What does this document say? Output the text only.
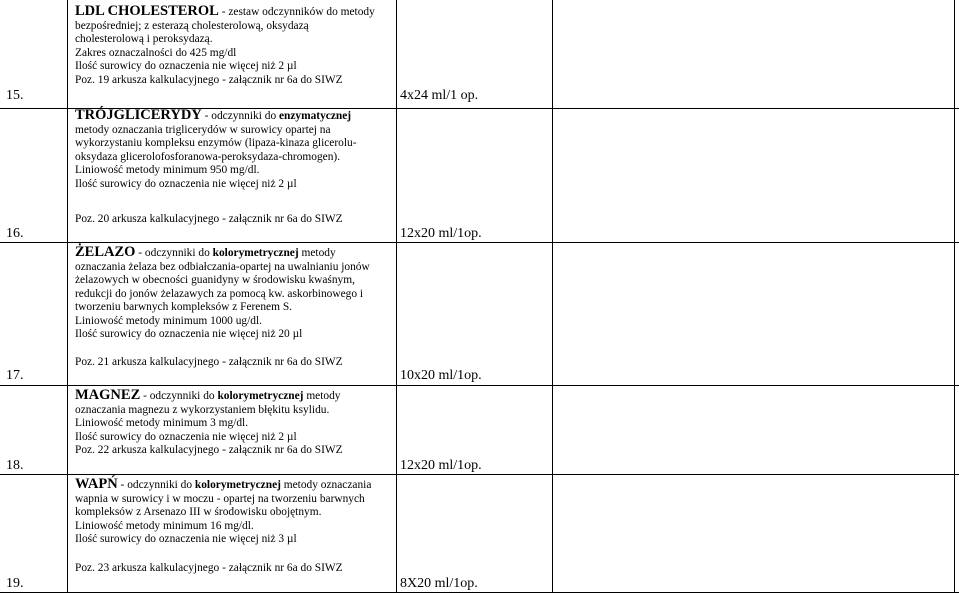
15.
16.
17.
18.
19.
4x24 ml/1 op.
12x20 ml/1op.
10x20 ml/1op.
12x20 ml/1op.
8X20 ml/1op.
LDL CHOLESTEROL - zestaw odczynników do metody
bezpośredniej; z esterazą cholesterolową, oksydazą
cholesterolową i peroksydazą.
Zakres oznaczalności do 425 mg/dl
Ilość surowicy do oznaczenia nie więcej niż 2 µl
Poz. 19 arkusza kalkulacyjnego - załącznik nr 6a do SIWZ
TRÓJGLICERYDY - odczynniki do enzymatycznej
metody oznaczania triglicerydów w surowicy opartej na
wykorzystaniu kompleksu enzymów (lipaza-kinaza glicerolu-
oksydaza glicerolofosforanowa-peroksydaza-chromogen).
Liniowość metody minimum 950 mg/dl.
Ilość surowicy do oznaczenia nie więcej niż 2 µl
Poz. 20 arkusza kalkulacyjnego - załącznik nr 6a do SIWZ
ŻELAZO - odczynniki do kolorymetrycznej metody
oznaczania żelaza bez odbiałczania-opartej na uwalnianiu jonów
żelazowych w obecności guanidyny w środowisku kwaśnym,
redukcji do jonów żelazawych za pomocą kw. askorbinowego i
tworzeniu barwnych kompleksów z Ferenem S.
Liniowość metody minimum 1000 ug/dl.
Ilość surowicy do oznaczenia nie więcej niż 20 µl
Poz. 21 arkusza kalkulacyjnego - załącznik nr 6a do SIWZ
MAGNEZ - odczynniki do kolorymetrycznej metody
oznaczania magnezu z wykorzystaniem błękitu ksylidu.
Liniowość metody minimum 3 mg/dl.
Ilość surowicy do oznaczenia nie więcej niż 2 µl
Poz. 22 arkusza kalkulacyjnego - załącznik nr 6a do SIWZ
WAPŃ - odczynniki do kolorymetrycznej metody oznaczania
wapnia w surowicy i w moczu - opartej na tworzeniu barwnych
kompleksów z Arsenazo III w środowisku obojętnym.
Liniowość metody minimum 16 mg/dl.
Ilość surowicy do oznaczenia nie więcej niż 3 µl
Poz. 23 arkusza kalkulacyjnego - załącznik nr 6a do SIWZ
